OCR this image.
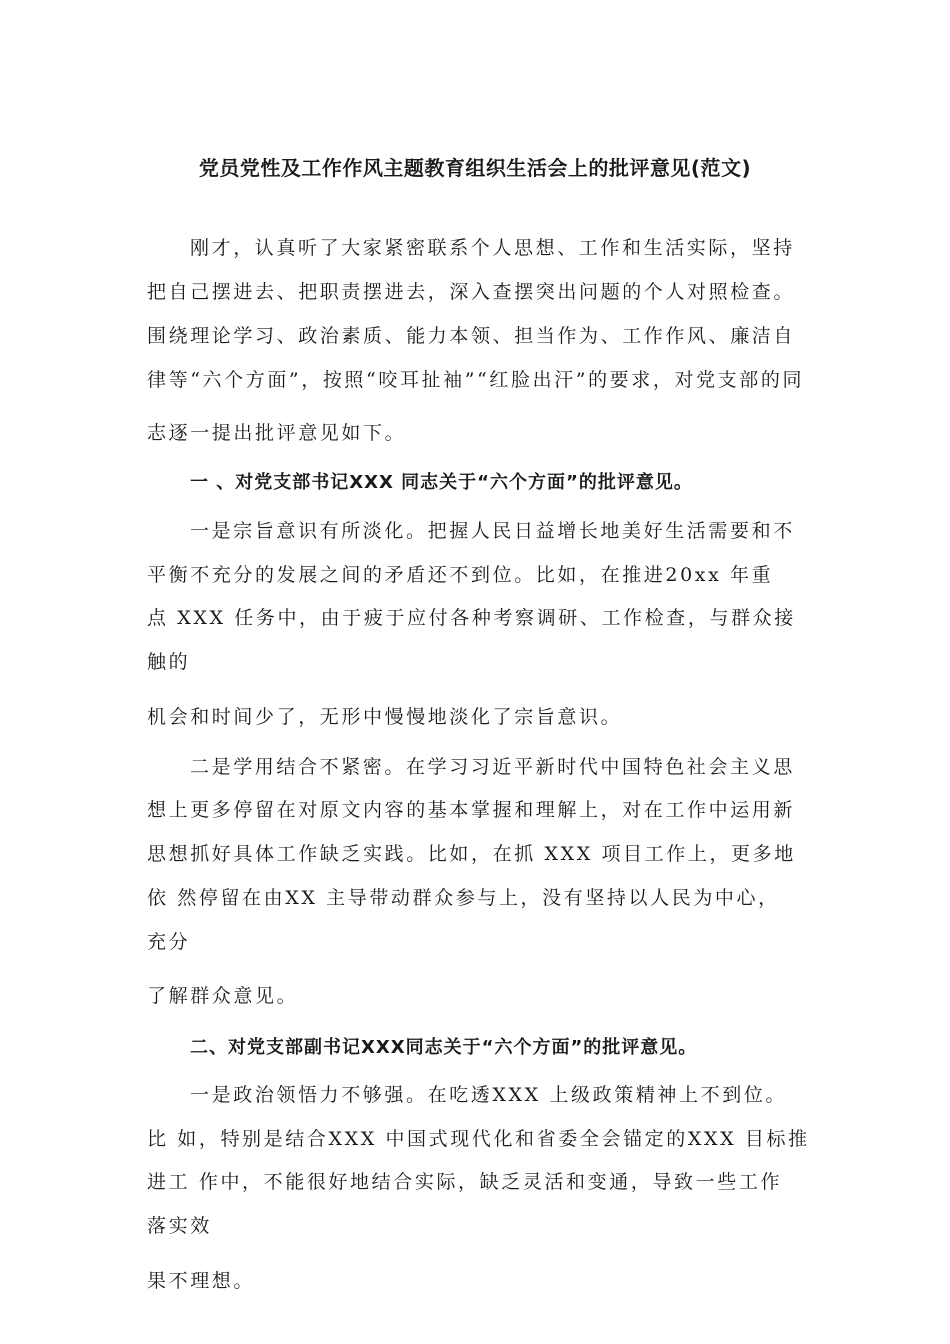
党员党性及工作作风主题教育组织生活会上的批评意见(范文)
刚才，认真听了大家紧密联系个人思想、工作和生活实际，坚持
把自己摆进去、把职责摆进去，深入查摆突出问题的个人对照检查。
围绕理论学习、政治素质、能力本领、担当作为、工作作风、廉洁自
律等“六个方面”，按照“咬耳扯袖”“红脸出汗”的要求，对党支部的同
志逐一提出批评意见如下。
一 、对党支部书记XXX 同志关于“六个方面”的批评意见。
一是宗旨意识有所淡化。把握人民日益增长地美好生活需要和不
平衡不充分的发展之间的矛盾还不到位。比如，在推进20xx 年重
点 XXX 任务中，由于疲于应付各种考察调研、工作检查，与群众接
触的
机会和时间少了，无形中慢慢地淡化了宗旨意识。
二是学用结合不紧密。在学习习近平新时代中国特色社会主义思
想上更多停留在对原文内容的基本掌握和理解上，对在工作中运用新
思想抓好具体工作缺乏实践。比如，在抓 XXX 项目工作上，更多地
依 然停留在由XX 主导带动群众参与上，没有坚持以人民为中心，
充分
了解群众意见。
二、对党支部副书记XXX同志关于“六个方面”的批评意见。
一是政治领悟力不够强。在吃透XXX 上级政策精神上不到位。
比 如，特别是结合XXX 中国式现代化和省委全会锚定的XXX 目标推
进工 作中，不能很好地结合实际，缺乏灵活和变通，导致一些工作
落实效
果不理想。
